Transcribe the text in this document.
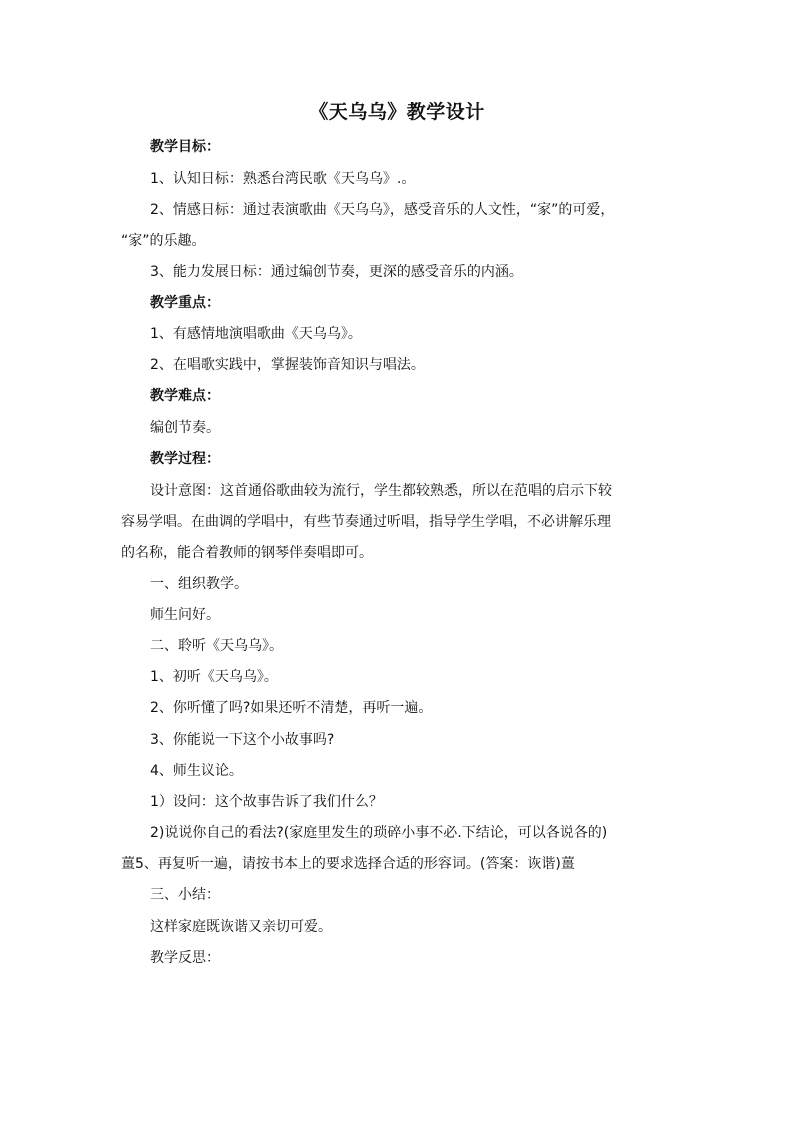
《天乌乌》教学设计
教学目标：
1、认知日标：熟悉台湾民歌《天乌乌》.。
2、情感日标：通过表演歌曲《天乌乌》，感受音乐的人文性，“家”的可爱，
“家”的乐趣。
3、能力发展日标：通过编创节奏，更深的感受音乐的内涵。
教学重点：
1、有感情地演唱歌曲《天乌乌》。
2、在唱歌实践中，掌握装饰音知识与唱法。
教学难点：
编创节奏。
教学过程：
设计意图：这首通俗歌曲较为流行，学生都较熟悉，所以在范唱的启示下较
容易学唱。在曲调的学唱中，有些节奏通过听唱，指导学生学唱，不必讲解乐理
的名称，能合着教师的钢琴伴奏唱即可。
一、组织教学。
师生问好。
二、聆听《天乌乌》。
1、初听《天乌乌》。
2、你听懂了吗?如果还听不清楚，再听一遍。
3、你能说一下这个小故事吗?
4、师生议论。
1）设问：这个故事告诉了我们什么？
2)说说你自己的看法?(家庭里发生的琐碎小事不必.下结论，可以各说各的)
薑5、再复听一遍，请按书本上的要求选择合适的形容词。(答案：诙谐)薑
三、小结：
这样家庭既诙谐又亲切可爱。
教学反思：
